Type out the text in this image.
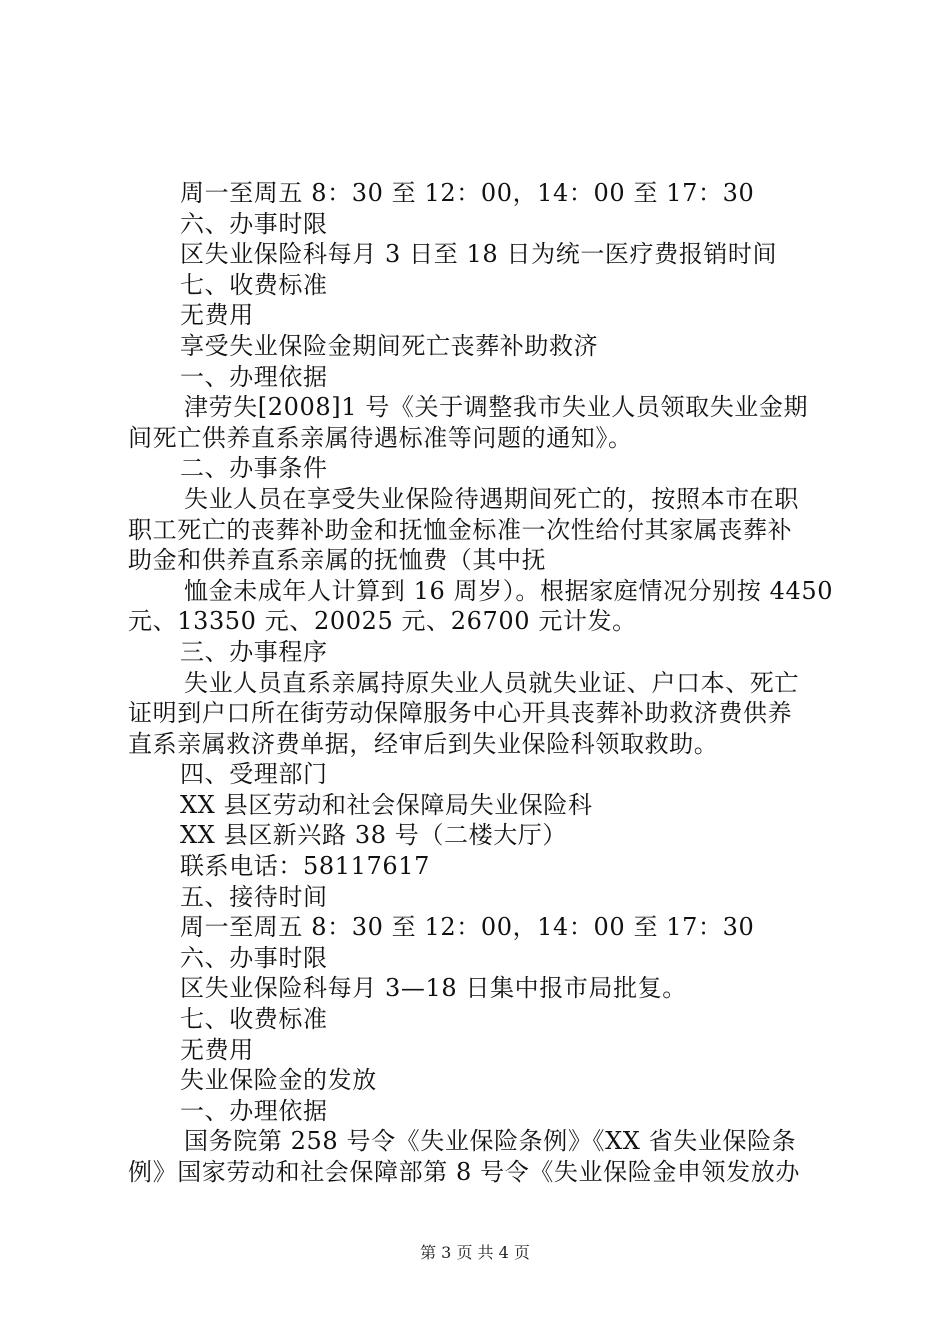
周一至周五 8：30 至 12：00，14：00 至 17：30
六、办事时限
区失业保险科每月 3 日至 18 日为统一医疗费报销时间
七、收费标准
无费用
享受失业保险金期间死亡丧葬补助救济
一、办理依据
津劳失[2008]1 号《关于调整我市失业人员领取失业金期
间死亡供养直系亲属待遇标准等问题的通知》。
二、办事条件
失业人员在享受失业保险待遇期间死亡的，按照本市在职
职工死亡的丧葬补助金和抚恤金标准一次性给付其家属丧葬补
助金和供养直系亲属的抚恤费（其中抚
恤金未成年人计算到 16 周岁）。根据家庭情况分别按 4450
元、13350 元、20025 元、26700 元计发。
三、办事程序
失业人员直系亲属持原失业人员就失业证、户口本、死亡
证明到户口所在街劳动保障服务中心开具丧葬补助救济费供养
直系亲属救济费单据，经审后到失业保险科领取救助。
四、受理部门
XX 县区劳动和社会保障局失业保险科
XX 县区新兴路 38 号（二楼大厅）
联系电话：58117617
五、接待时间
周一至周五 8：30 至 12：00，14：00 至 17：30
六、办事时限
区失业保险科每月 3—18 日集中报市局批复。
七、收费标准
无费用
失业保险金的发放
一、办理依据
国务院第 258 号令《失业保险条例》《XX 省失业保险条
例》国家劳动和社会保障部第 8 号令《失业保险金申领发放办
第 3 页 共 4 页
